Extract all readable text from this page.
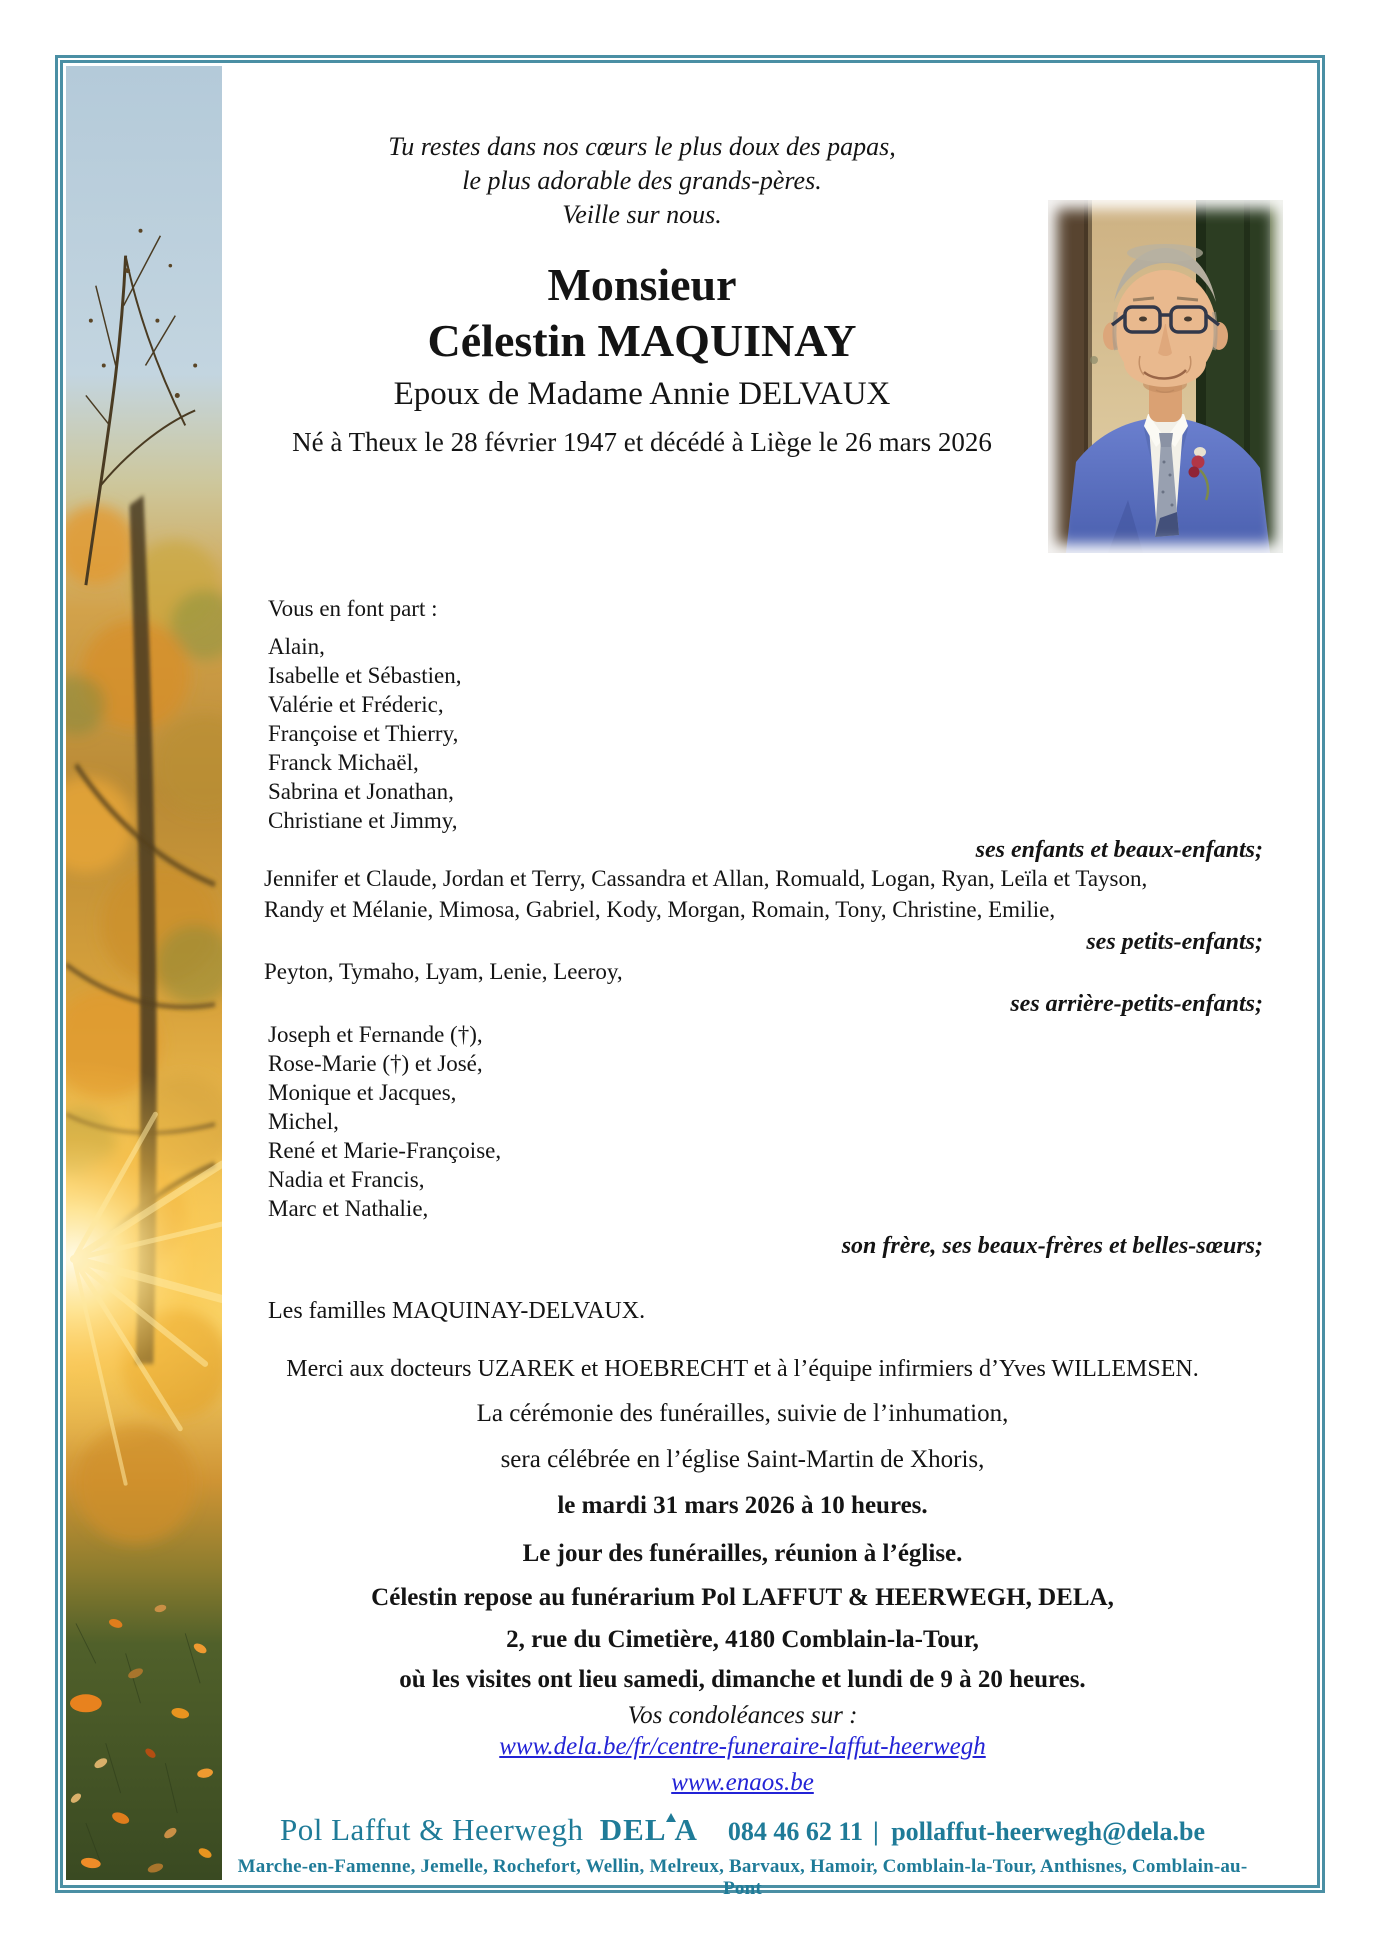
Tu restes dans nos cœurs le plus doux des papas,
le plus adorable des grands-pères.
Veille sur nous.
Monsieur
Célestin MAQUINAY
Epoux de Madame Annie DELVAUX
Né à Theux le 28 février 1947 et décédé à Liège le 26 mars 2026
Vous en font part :
Alain,
Isabelle et Sébastien,
Valérie et Fréderic,
Françoise et Thierry,
Franck Michaël,
Sabrina et Jonathan,
Christiane et Jimmy,
ses enfants et beaux-enfants;
Jennifer et Claude, Jordan et Terry, Cassandra et Allan, Romuald, Logan, Ryan, Leïla et Tayson,
Randy et Mélanie, Mimosa, Gabriel, Kody, Morgan, Romain, Tony, Christine, Emilie,
ses petits-enfants;
Peyton, Tymaho, Lyam, Lenie, Leeroy,
ses arrière-petits-enfants;
Joseph et Fernande (†),
Rose-Marie (†) et José,
Monique et Jacques,
Michel,
René et Marie-Françoise,
Nadia et Francis,
Marc et Nathalie,
son frère, ses beaux-frères et belles-sœurs;
Les familles MAQUINAY-DELVAUX.
Merci aux docteurs UZAREK et HOEBRECHT et à l’équipe infirmiers d’Yves WILLEMSEN.
La cérémonie des funérailles, suivie de l’inhumation,
sera célébrée en l’église Saint-Martin de Xhoris,
le mardi 31 mars 2026 à 10 heures.
Le jour des funérailles, réunion à l’église.
Célestin repose au funérarium Pol LAFFUT & HEERWEGH, DELA,
2, rue du Cimetière, 4180 Comblain-la-Tour,
où les visites ont lieu samedi, dimanche et lundi de 9 à 20 heures.
Vos condoléances sur :
www.dela.be/fr/centre-funeraire-laffut-heerwegh
www.enaos.be
Pol Laffut & Heerwegh DEL A 084 46 62 11 | pollaffut-heerwegh@dela.be
Marche-en-Famenne, Jemelle, Rochefort, Wellin, Melreux, Barvaux, Hamoir, Comblain-la-Tour, Anthisnes, Comblain-au-Pont
